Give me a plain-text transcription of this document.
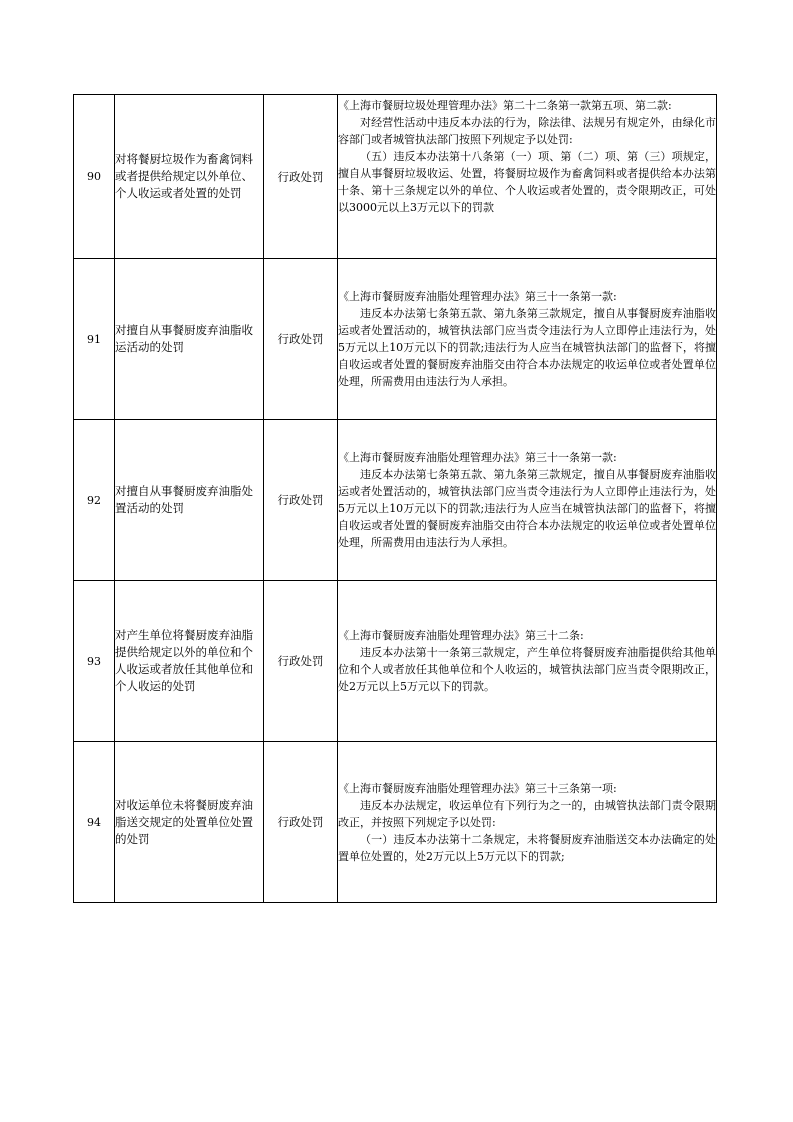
90	对将餐厨垃圾作为畜禽饲料或者提供给规定以外单位、个人收运或者处置的处罚	行政处罚	《上海市餐厨垃圾处理管理办法》第二十二条第一款第五项、第二款:

对经营性活动中违反本办法的行为，除法律、法规另有规定外，由绿化市容部门或者城管执法部门按照下列规定予以处罚:

（五）违反本办法第十八条第（一）项、第（二）项、第（三）项规定，擅自从事餐厨垃圾收运、处置，将餐厨垃圾作为畜禽饲料或者提供给本办法第十条、第十三条规定以外的单位、个人收运或者处置的，责令限期改正，可处以3000元以上3万元以下的罚款

91	对擅自从事餐厨废弃油脂收运活动的处罚	行政处罚	《上海市餐厨废弃油脂处理管理办法》第三十一条第一款:

违反本办法第七条第五款、第九条第三款规定，擅自从事餐厨废弃油脂收运或者处置活动的，城管执法部门应当责令违法行为人立即停止违法行为，处5万元以上10万元以下的罚款;违法行为人应当在城管执法部门的监督下，将擅自收运或者处置的餐厨废弃油脂交由符合本办法规定的收运单位或者处置单位处理，所需费用由违法行为人承担。

92	对擅自从事餐厨废弃油脂处置活动的处罚	行政处罚	《上海市餐厨废弃油脂处理管理办法》第三十一条第一款:

违反本办法第七条第五款、第九条第三款规定，擅自从事餐厨废弃油脂收运或者处置活动的，城管执法部门应当责令违法行为人立即停止违法行为，处5万元以上10万元以下的罚款;违法行为人应当在城管执法部门的监督下，将擅自收运或者处置的餐厨废弃油脂交由符合本办法规定的收运单位或者处置单位处理，所需费用由违法行为人承担。

93	对产生单位将餐厨废弃油脂提供给规定以外的单位和个人收运或者放任其他单位和个人收运的处罚	行政处罚	《上海市餐厨废弃油脂处理管理办法》第三十二条:

违反本办法第十一条第三款规定，产生单位将餐厨废弃油脂提供给其他单位和个人或者放任其他单位和个人收运的，城管执法部门应当责令限期改正，处2万元以上5万元以下的罚款。

94	对收运单位未将餐厨废弃油脂送交规定的处置单位处置的处罚	行政处罚	《上海市餐厨废弃油脂处理管理办法》第三十三条第一项:

违反本办法规定，收运单位有下列行为之一的，由城管执法部门责令限期改正，并按照下列规定予以处罚:

（一）违反本办法第十二条规定，未将餐厨废弃油脂送交本办法确定的处置单位处置的，处2万元以上5万元以下的罚款;
